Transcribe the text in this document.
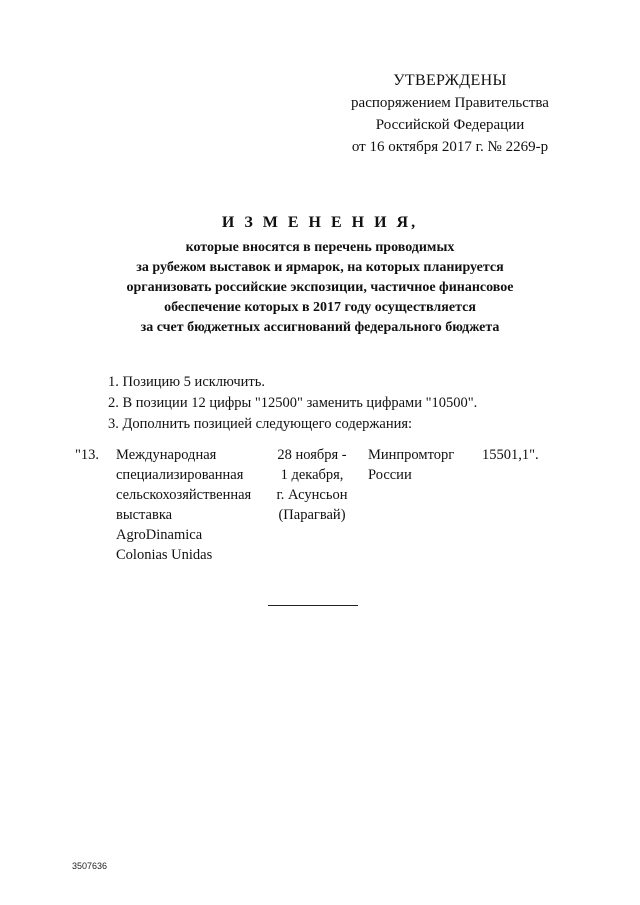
УТВЕРЖДЕНЫ
распоряжением Правительства
Российской Федерации
от 16 октября 2017 г. № 2269-р
И З М Е Н Е Н И Я,
которые вносятся в перечень проводимых
за рубежом выставок и ярмарок, на которых планируется
организовать российские экспозиции, частичное финансовое
обеспечение которых в 2017 году осуществляется
за счет бюджетных ассигнований федерального бюджета
1. Позицию 5 исключить.
2. В позиции 12 цифры "12500" заменить цифрами "10500".
3. Дополнить позицией следующего содержания:
"13. Международная
специализированная
сельскохозяйственная
выставка
AgroDinamica
Colonias Unidas
28 ноября -
1 декабря,
г. Асунсьон
(Парагвай)
Минпромторг
России
15501,1".
3507636
